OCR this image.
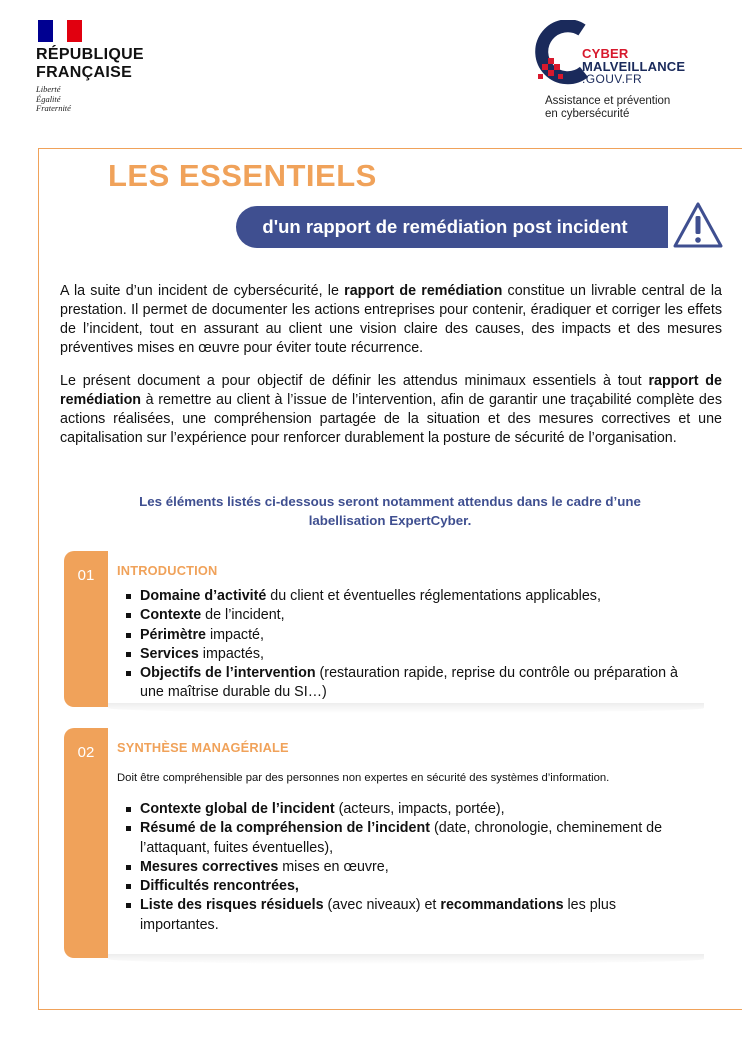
RÉPUBLIQUE
FRANÇAISE
Liberté
Égalité
Fraternité
CYBER
MALVEILLANCE
.GOUV.FR
Assistance et prévention
en cybersécurité
LES ESSENTIELS
d'un rapport de remédiation post incident

A la suite d’un incident de cybersécurité, le rapport de remédiation constitue un livrable central de la prestation. Il permet de documenter les actions entreprises pour contenir, éradiquer et corriger les effets de l’incident, tout en assurant au client une vision claire des causes, des impacts et des mesures préventives mises en œuvre pour éviter toute récurrence.

Le présent document a pour objectif de définir les attendus minimaux essentiels à tout rapport de remédiation à remettre au client à l’issue de l’intervention, afin de garantir une traçabilité complète des actions réalisées, une compréhension partagée de la situation et des mesures correctives et une capitalisation sur l’expérience pour renforcer durablement la posture de sécurité de l’organisation.

Les éléments listés ci-dessous seront notamment attendus dans le cadre d’une
labellisation ExpertCyber.
01	INTRODUCTION
Domaine d’activité du client et éventuelles réglementations applicables,
Contexte de l’incident,
Périmètre impacté,
Services impactés,
Objectifs de l’intervention (restauration rapide, reprise du contrôle ou préparation à une maîtrise durable du SI…)
02	SYNTHÈSE MANAGÉRIALE
Doit être compréhensible par des personnes non expertes en sécurité des systèmes d’information.
Contexte global de l’incident (acteurs, impacts, portée),
Résumé de la compréhension de l’incident (date, chronologie, cheminement de l’attaquant, fuites éventuelles),
Mesures correctives mises en œuvre,
Difficultés rencontrées,
Liste des risques résiduels (avec niveaux) et recommandations les plus importantes.
